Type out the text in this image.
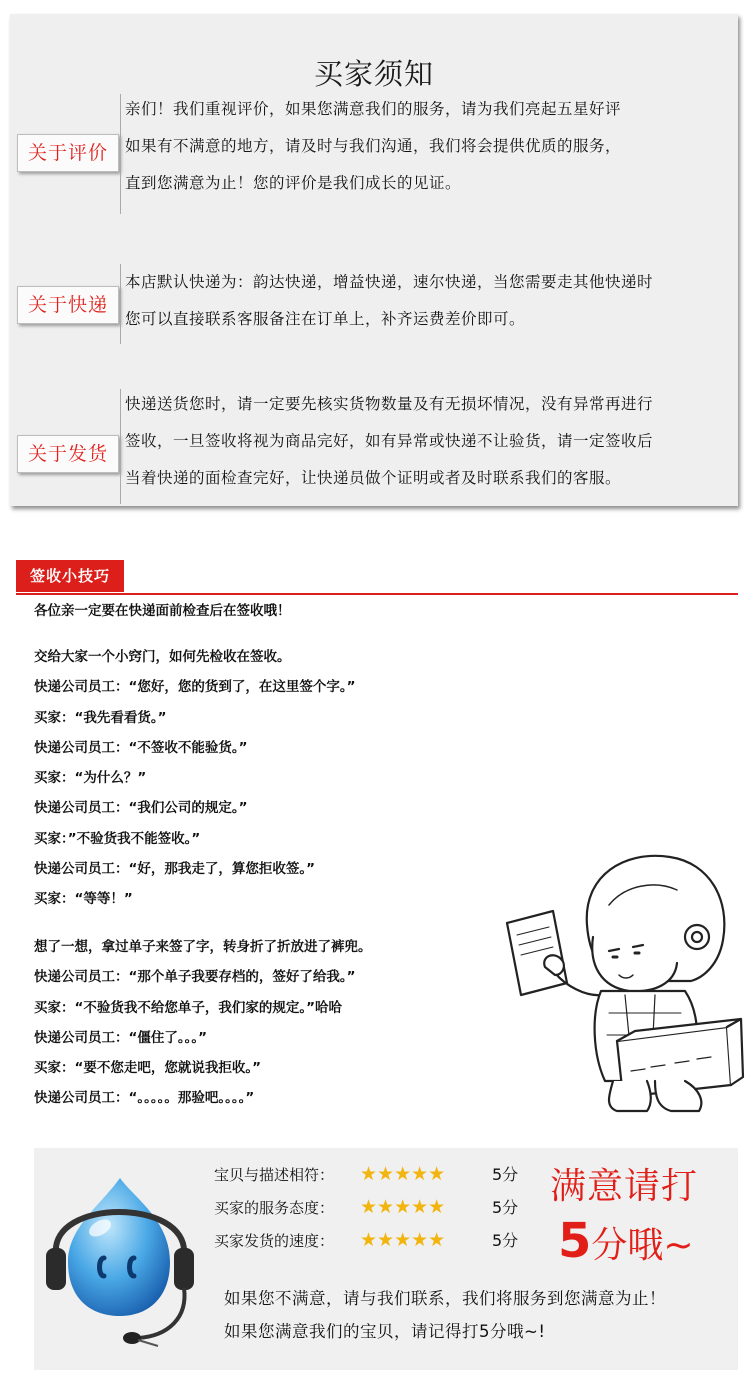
买家须知
关于评价
亲们！我们重视评价，如果您满意我们的服务，请为我们亮起五星好评
如果有不满意的地方，请及时与我们沟通，我们将会提供优质的服务，
直到您满意为止！您的评价是我们成长的见证。
关于快递
本店默认快递为：韵达快递，增益快递，速尔快递，当您需要走其他快递时
您可以直接联系客服备注在订单上，补齐运费差价即可。
关于发货
快递送货您时，请一定要先核实货物数量及有无损坏情况，没有异常再进行
签收，一旦签收将视为商品完好，如有异常或快递不让验货，请一定签收后
当着快递的面检查完好，让快递员做个证明或者及时联系我们的客服。
签收小技巧
各位亲一定要在快递面前检查后在签收哦！
交给大家一个小窍门，如何先检收在签收。
快递公司员工：“您好，您的货到了，在这里签个字。”
买家：“我先看看货。”
快递公司员工：“不签收不能验货。”
买家：“为什么？”
快递公司员工：“我们公司的规定。”
买家：”不验货我不能签收。”
快递公司员工：“好，那我走了，算您拒收签。”
买家：“等等！”
想了一想，拿过单子来签了字，转身折了折放进了裤兜。
快递公司员工：“那个单子我要存档的，签好了给我。”
买家：“不验货我不给您单子，我们家的规定。”哈哈
快递公司员工：“僵住了。。。”
买家：“要不您走吧，您就说我拒收。”
快递公司员工：“。。。。。那验吧。。。。”
宝贝与描述相符： ★★★★★	5分
买家的服务态度： ★★★★★	5分
买家发货的速度： ★★★★★	5分
满意请打
5分哦~
如果您不满意，请与我们联系，我们将服务到您满意为止！
如果您满意我们的宝贝，请记得打5分哦~!
